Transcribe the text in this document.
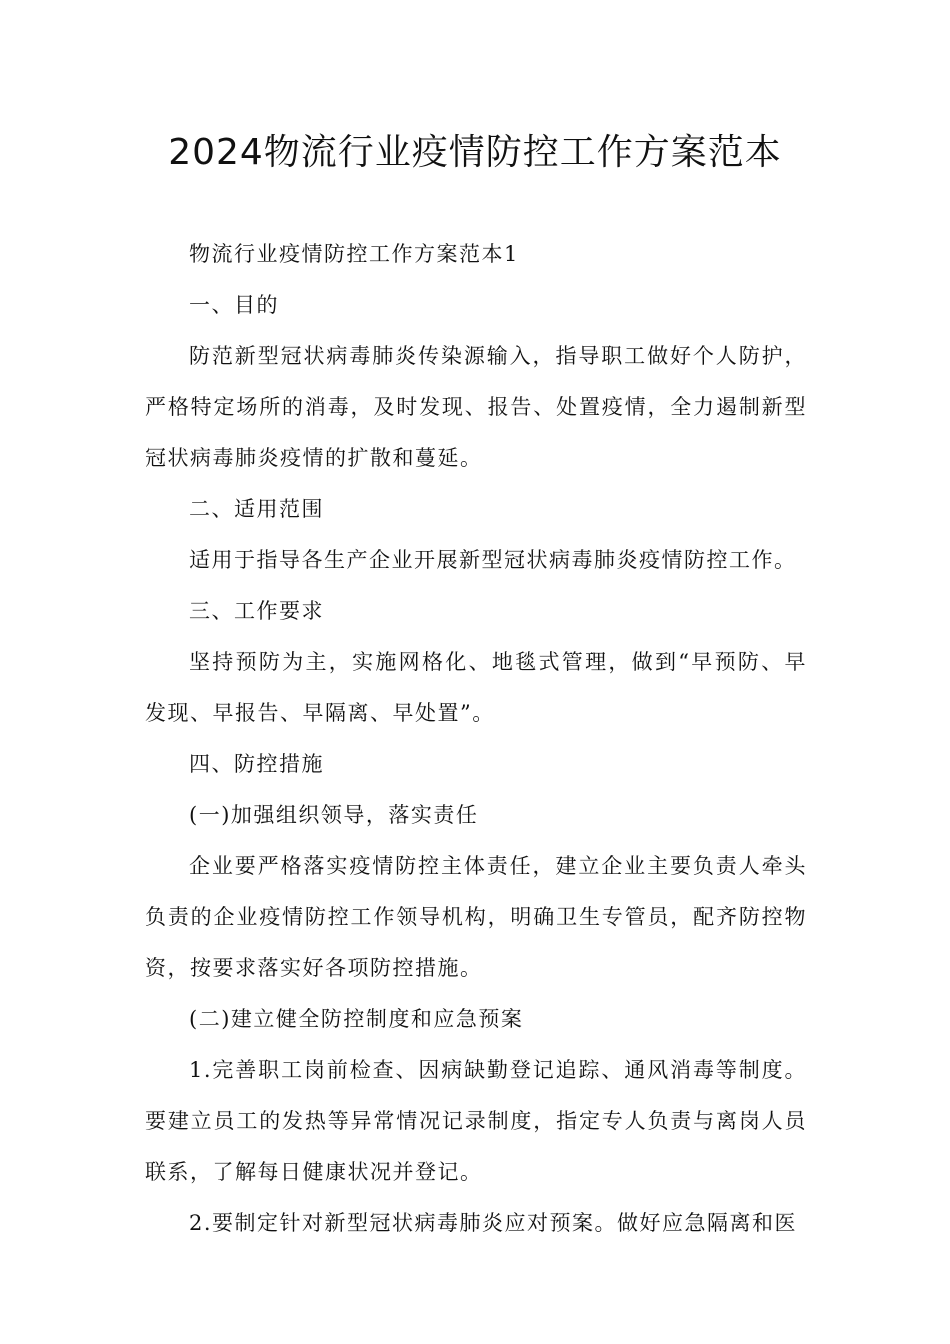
2024物流行业疫情防控工作方案范本

物流行业疫情防控工作方案范本1

一、目的

防范新型冠状病毒肺炎传染源输入，指导职工做好个人防护，严格特定场所的消毒，及时发现、报告、处置疫情，全力遏制新型冠状病毒肺炎疫情的扩散和蔓延。

二、适用范围

适用于指导各生产企业开展新型冠状病毒肺炎疫情防控工作。

三、工作要求

坚持预防为主，实施网格化、地毯式管理，做到“早预防、早发现、早报告、早隔离、早处置”。

四、防控措施

(一)加强组织领导，落实责任

企业要严格落实疫情防控主体责任，建立企业主要负责人牵头负责的企业疫情防控工作领导机构，明确卫生专管员，配齐防控物资，按要求落实好各项防控措施。

(二)建立健全防控制度和应急预案

1.完善职工岗前检查、因病缺勤登记追踪、通风消毒等制度。要建立员工的发热等异常情况记录制度，指定专人负责与离岗人员联系，了解每日健康状况并登记。

2.要制定针对新型冠状病毒肺炎应对预案。做好应急隔离和医
